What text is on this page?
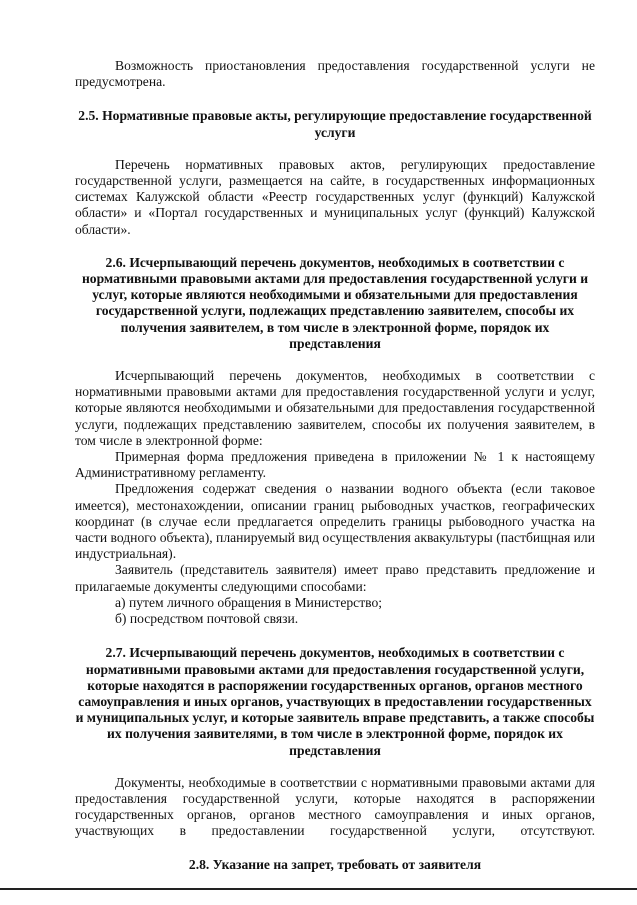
Возможность приостановления предоставления государственной услуги не предусмотрена.

2.5. Нормативные правовые акты, регулирующие предоставление государственной услуги

Перечень нормативных правовых актов, регулирующих предоставление государственной услуги, размещается на сайте, в государственных информационных системах Калужской области «Реестр государственных услуг (функций) Калужской области» и «Портал государственных и муниципальных услуг (функций) Калужской области».

2.6. Исчерпывающий перечень документов, необходимых в соответствии с нормативными правовыми актами для предоставления государственной услуги и услуг, которые являются необходимыми и обязательными для предоставления государственной услуги, подлежащих представлению заявителем, способы их получения заявителем, в том числе в электронной форме, порядок их представления

Исчерпывающий перечень документов, необходимых в соответствии с нормативными правовыми актами для предоставления государственной услуги и услуг, которые являются необходимыми и обязательными для предоставления государственной услуги, подлежащих представлению заявителем, способы их получения заявителем, в том числе в электронной форме:

Примерная форма предложения приведена в приложении № 1 к настоящему Административному регламенту.

Предложения содержат сведения о названии водного объекта (если таковое имеется), местонахождении, описании границ рыбоводных участков, географических координат (в случае если предлагается определить границы рыбоводного участка на части водного объекта), планируемый вид осуществления аквакультуры (пастбищная или индустриальная).

Заявитель (представитель заявителя) имеет право представить предложение и прилагаемые документы следующими способами:

а) путем личного обращения в Министерство;

б) посредством почтовой связи.

2.7. Исчерпывающий перечень документов, необходимых в соответствии с нормативными правовыми актами для предоставления государственной услуги, которые находятся в распоряжении государственных органов, органов местного самоуправления и иных органов, участвующих в предоставлении государственных и муниципальных услуг, и которые заявитель вправе представить, а также способы их получения заявителями, в том числе в электронной форме, порядок их представления

Документы, необходимые в соответствии с нормативными правовыми актами для предоставления государственной услуги, которые находятся в распоряжении государственных органов, органов местного самоуправления и иных органов, участвующих в предоставлении государственной услуги, отсутствуют.

2.8. Указание на запрет, требовать от заявителя
